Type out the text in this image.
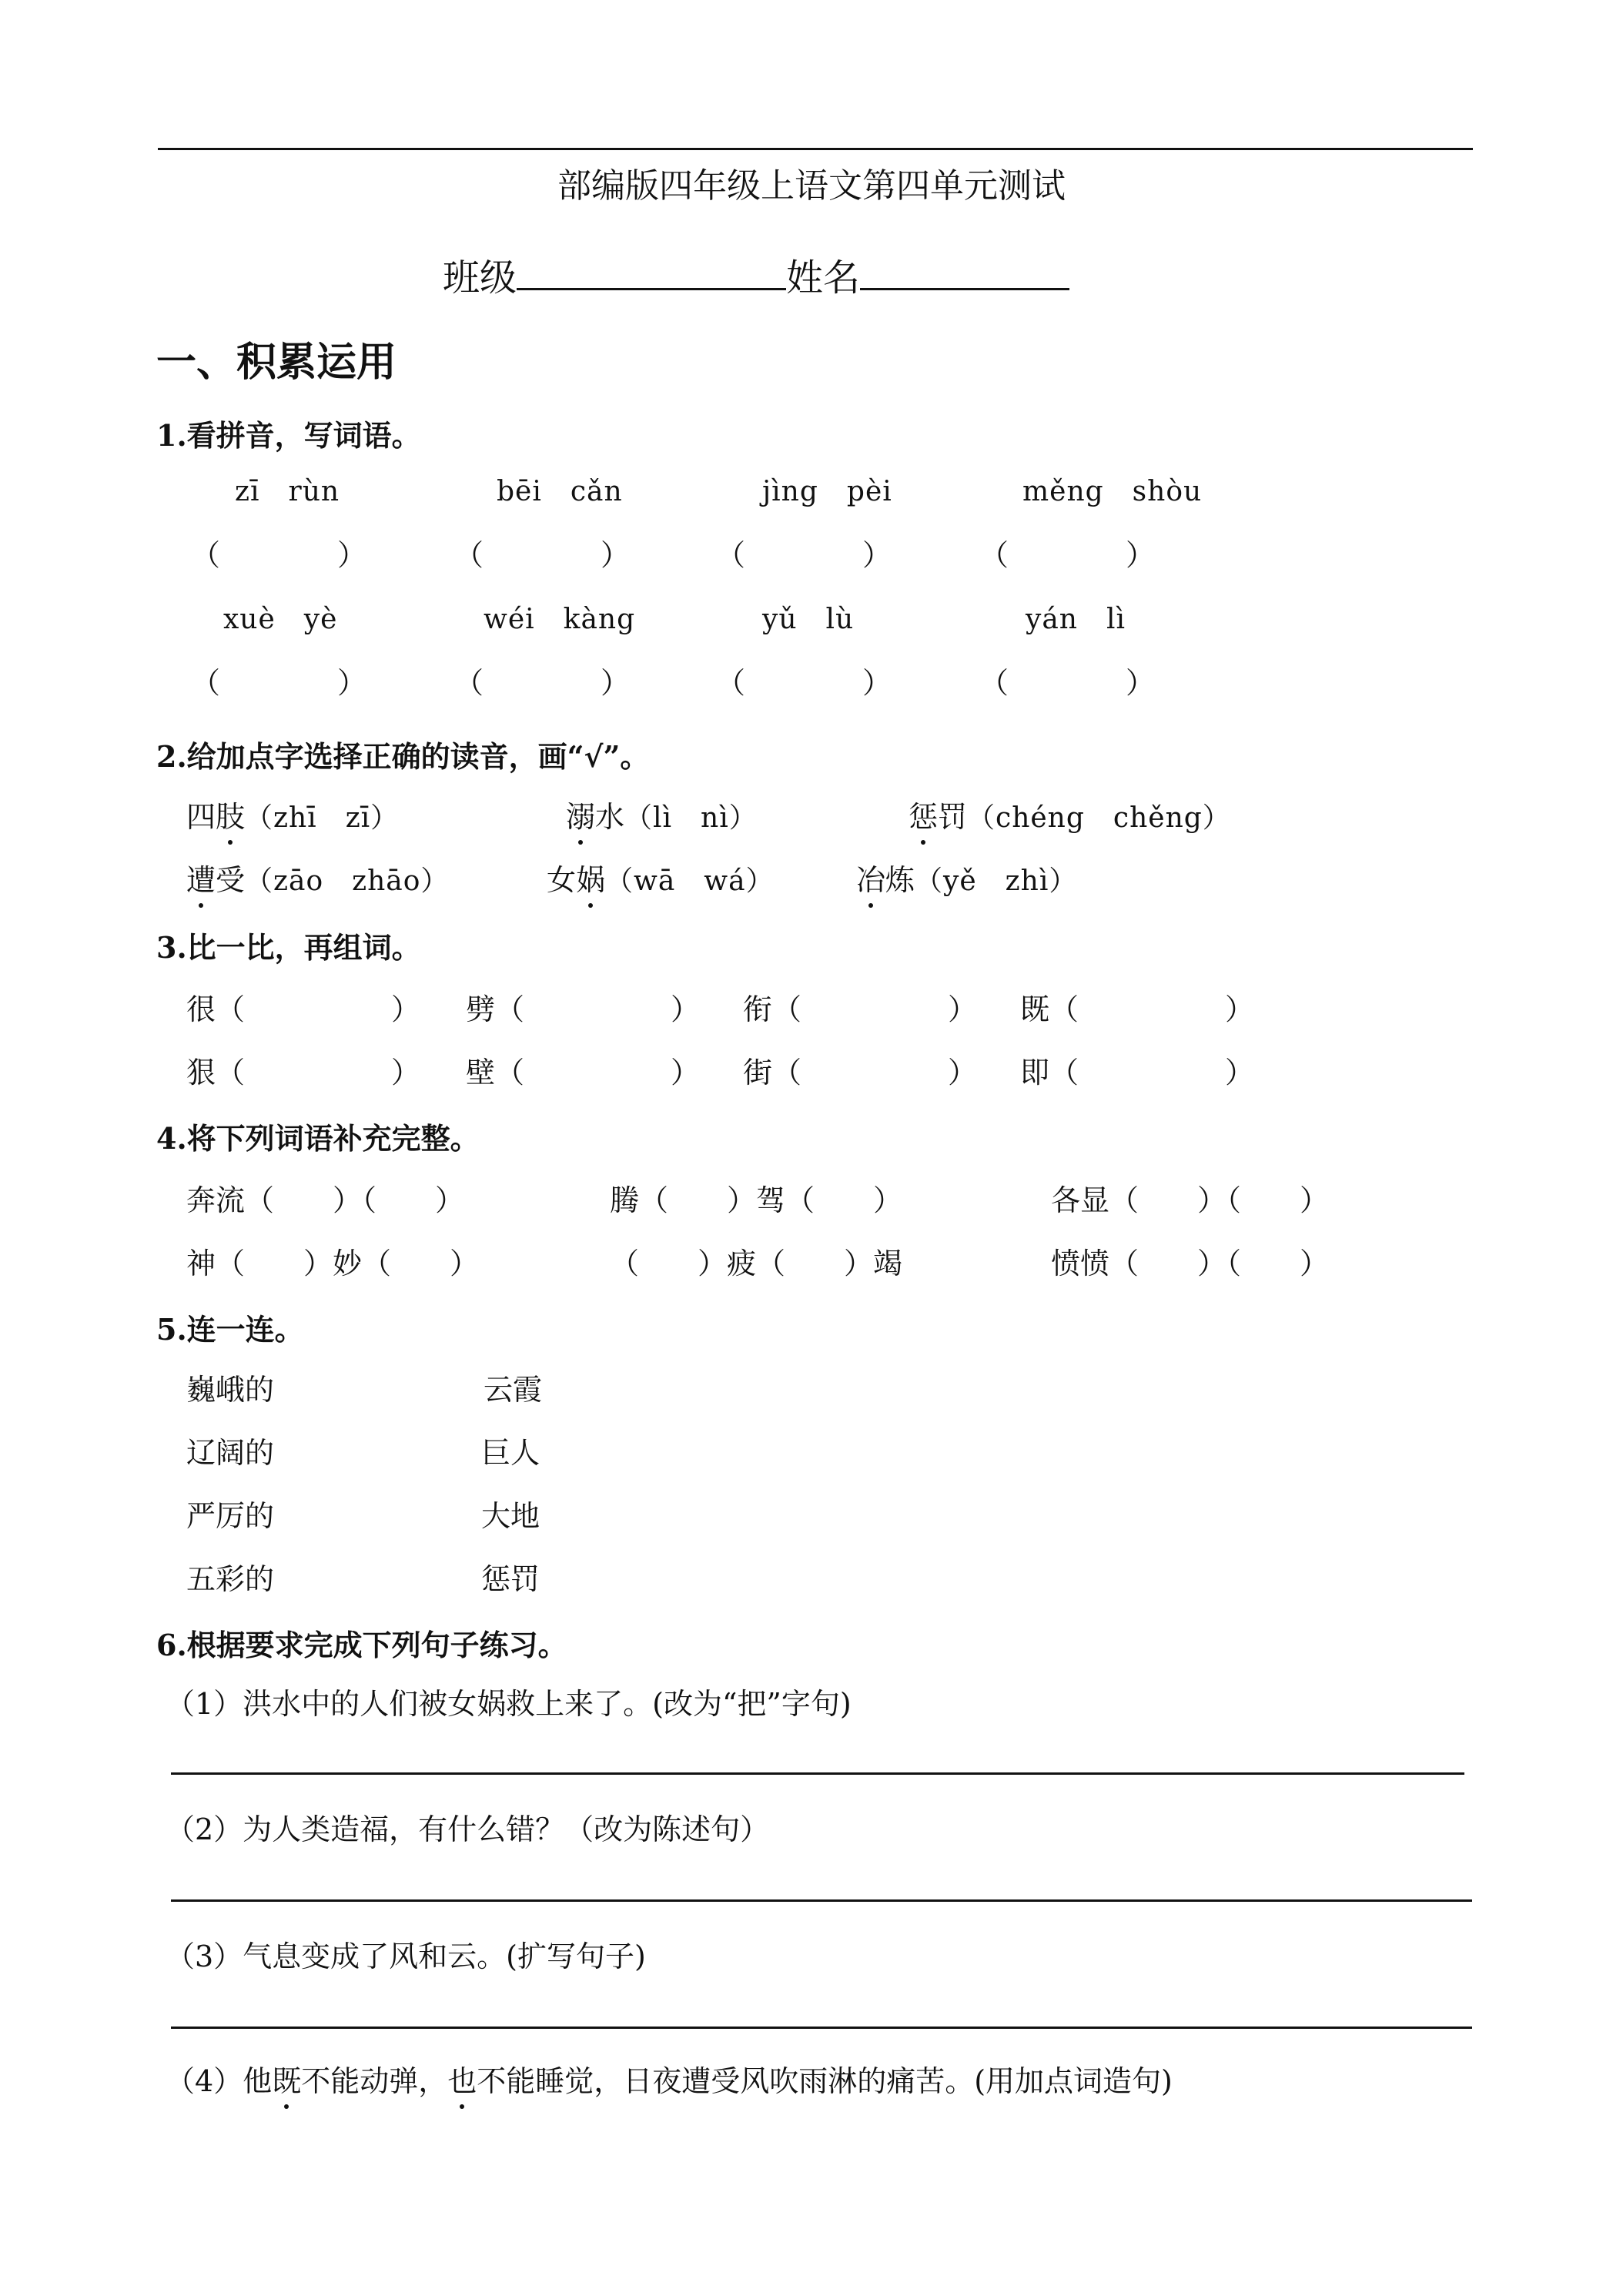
部编版四年级上语文第四单元测试
班级	姓名
一、积累运用
1.看拼音，写词语。
zī　rùn	bēi　cǎn	jìng　pèi	měng　shòu
（　　　　）	（　　　　）	（　　　　）	（　　　　）
xuè　yè	wéi　kàng	yǔ　lù	yán　lì
（　　　　）	（　　　　）	（　　　　）	（　　　　）
2.给加点字选择正确的读音，画“√”。
四肢（zhī　zī）	溺水（lì　nì）	惩罚（chéng　chěng）
遭受（zāo　zhāo）	女娲（wā　wá）	冶炼（yě　zhì）
3.比一比，再组词。
很（　　　　　） 劈（　　　　　） 衔（　　　　　） 既（　　　　　）
狠（　　　　　） 壁（　　　　　） 街（　　　　　） 即（　　　　　）
4.将下列词语补充完整。
奔流（　　）（　　）	腾（　　）驾（　　）	各显（　　）（　　）
神（　　）妙（　　）	（　　）疲（　　）竭	愤愤（　　）（　　）
5.连一连。
巍峨的	云霞
辽阔的	巨人
严厉的	大地
五彩的	惩罚
6.根据要求完成下列句子练习。
（1）洪水中的人们被女娲救上来了。(改为“把”字句)
（2）为人类造福，有什么错？（改为陈述句）
（3）气息变成了风和云。(扩写句子)
（4）他既不能动弹，也不能睡觉，日夜遭受风吹雨淋的痛苦。(用加点词造句)
